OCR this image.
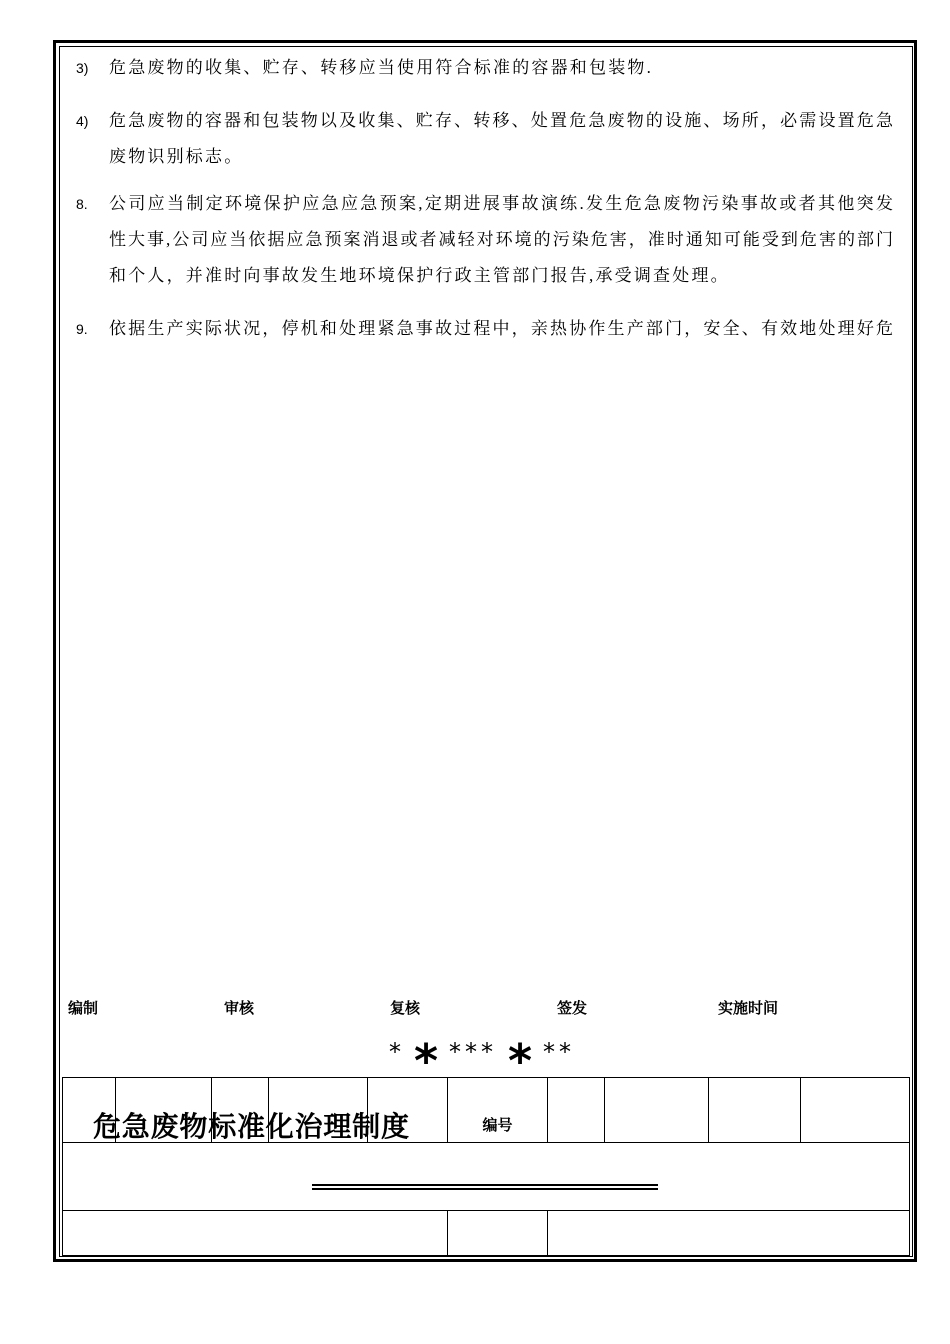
3)	危急废物的收集、贮存、转移应当使用符合标准的容器和包装物.
4)	危急废物的容器和包装物以及收集、贮存、转移、处置危急废物的设施、场所，必需设置危急
废物识别标志。
8.	公司应当制定环境保护应急应急预案,定期进展事故演练.发生危急废物污染事故或者其他突发
性大事,公司应当依据应急预案消退或者减轻对环境的污染危害，准时通知可能受到危害的部门
和个人，并准时向事故发生地环境保护行政主管部门报告,承受调查处理。
9.	依据生产实际状况，停机和处理紧急事故过程中，亲热协作生产部门，安全、有效地处理好危
编制	审核	复核	签发	实施时间
* * *** * **
					编号				

危急废物标准化治理制度
